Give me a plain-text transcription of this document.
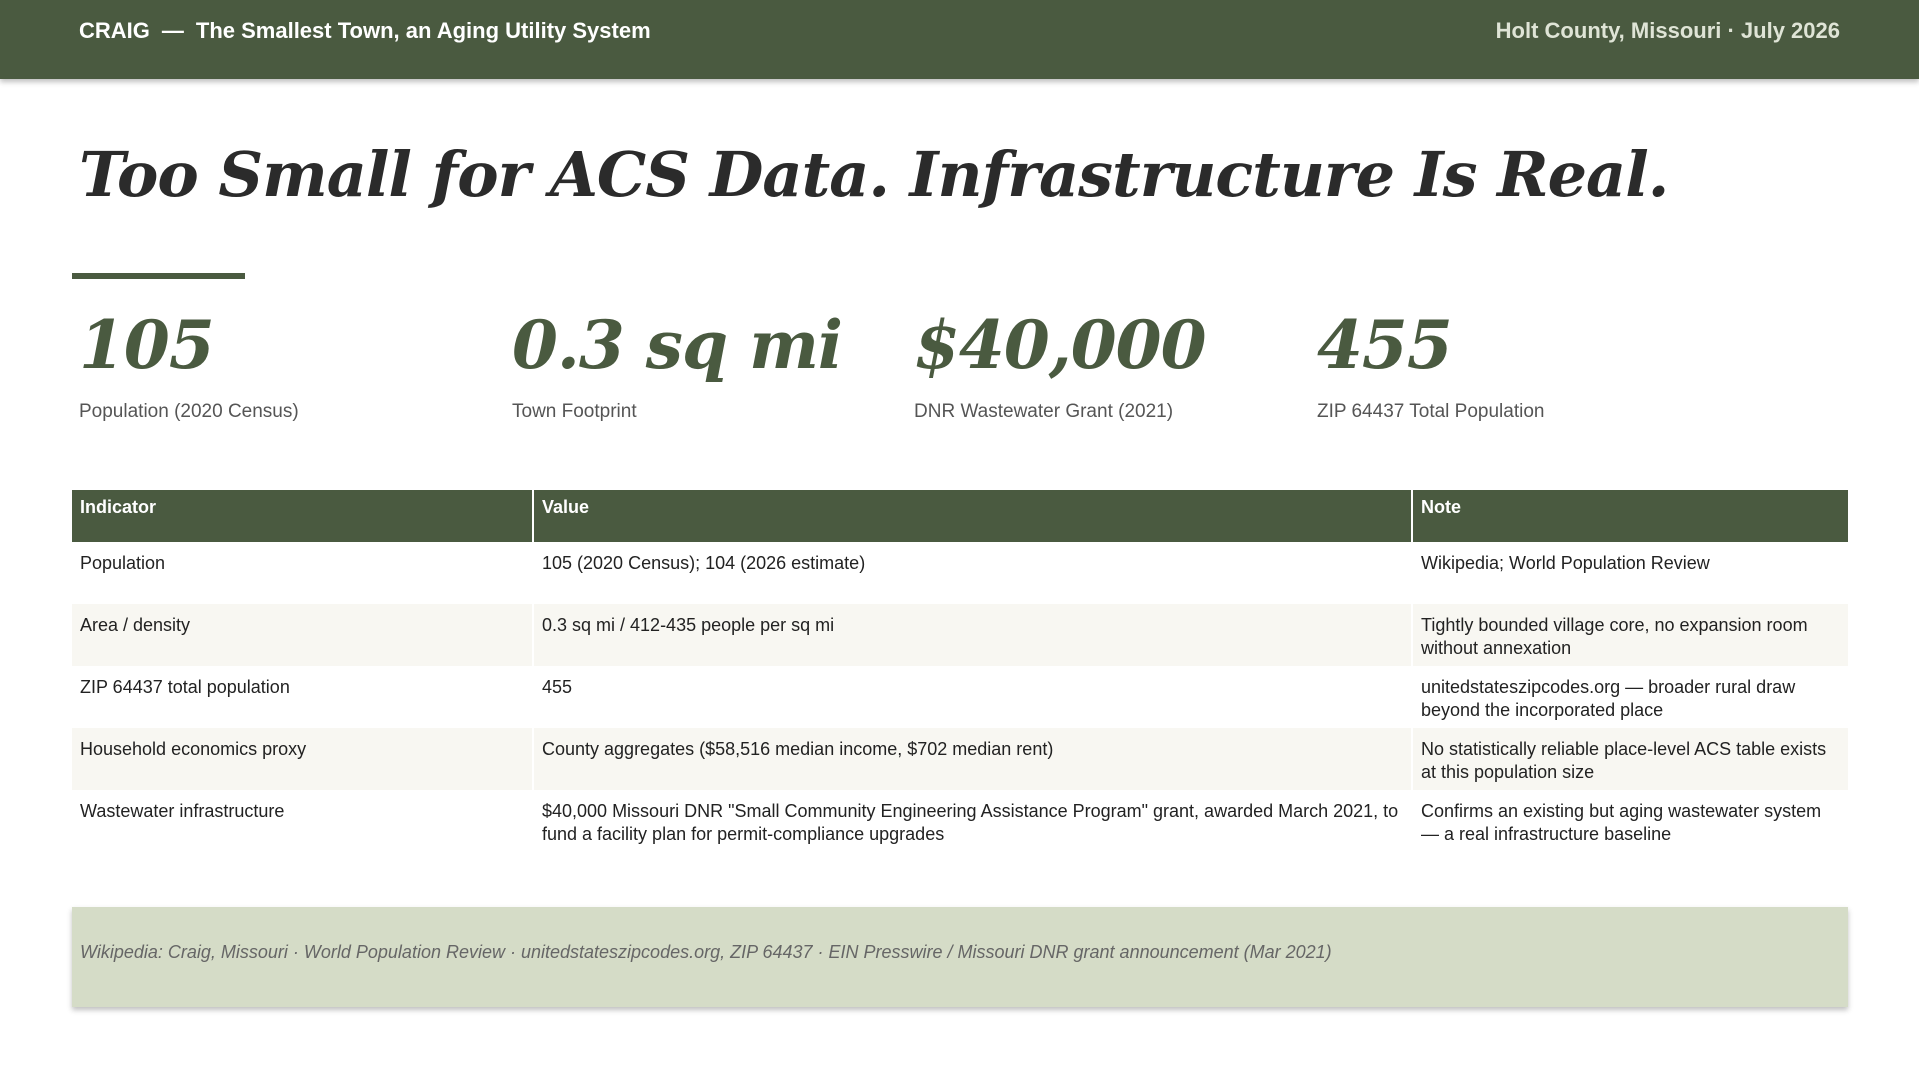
CRAIG — The Smallest Town, an Aging Utility System	Holt County, Missouri · July 2026
Too Small for ACS Data. Infrastructure Is Real.
105
Population (2020 Census)
0.3 sq mi
Town Footprint
$40,000
DNR Wastewater Grant (2021)
455
ZIP 64437 Total Population
Indicator	Value	Note
Population	105 (2020 Census); 104 (2026 estimate)	Wikipedia; World Population Review
Area / density	0.3 sq mi / 412-435 people per sq mi	Tightly bounded village core, no expansion room without annexation
ZIP 64437 total population	455	unitedstateszipcodes.org — broader rural draw beyond the incorporated place
Household economics proxy	County aggregates ($58,516 median income, $702 median rent)	No statistically reliable place-level ACS table exists at this population size
Wastewater infrastructure	$40,000 Missouri DNR "Small Community Engineering Assistance Program" grant, awarded March 2021, to fund a facility plan for permit-compliance upgrades	Confirms an existing but aging wastewater system — a real infrastructure baseline
Wikipedia: Craig, Missouri · World Population Review · unitedstateszipcodes.org, ZIP 64437 · EIN Presswire / Missouri DNR grant announcement (Mar 2021)
